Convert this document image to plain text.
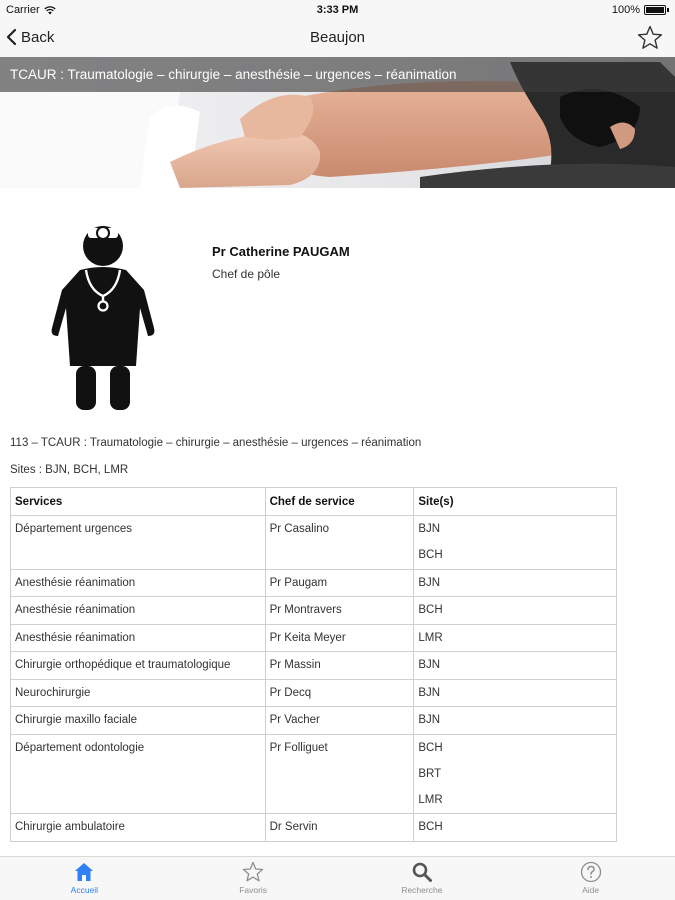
Carrier	3:33 PM	100%
Back	Beaujon
TCAUR : Traumatologie – chirurgie – anesthésie – urgences – réanimation
Pr Catherine PAUGAM
Chef de pôle
113 – TCAUR : Traumatologie – chirurgie – anesthésie – urgences – réanimation
Sites : BJN, BCH, LMR
Services	Chef de service	Site(s)
Département urgences	Pr Casalino	BJN
BCH

Anesthésie réanimation	Pr Paugam	BJN

Anesthésie réanimation	Pr Montravers	BCH

Anesthésie réanimation	Pr Keita Meyer	LMR

Chirurgie orthopédique et traumatologique	Pr Massin	BJN

Neurochirurgie	Pr Decq	BJN

Chirurgie maxillo faciale	Pr Vacher	BJN

Département odontologie	Pr Folliguet	BCH
BRT
LMR

Chirurgie ambulatoire	Dr Servin	BCH
Accueil	Favoris	Recherche	Aide
